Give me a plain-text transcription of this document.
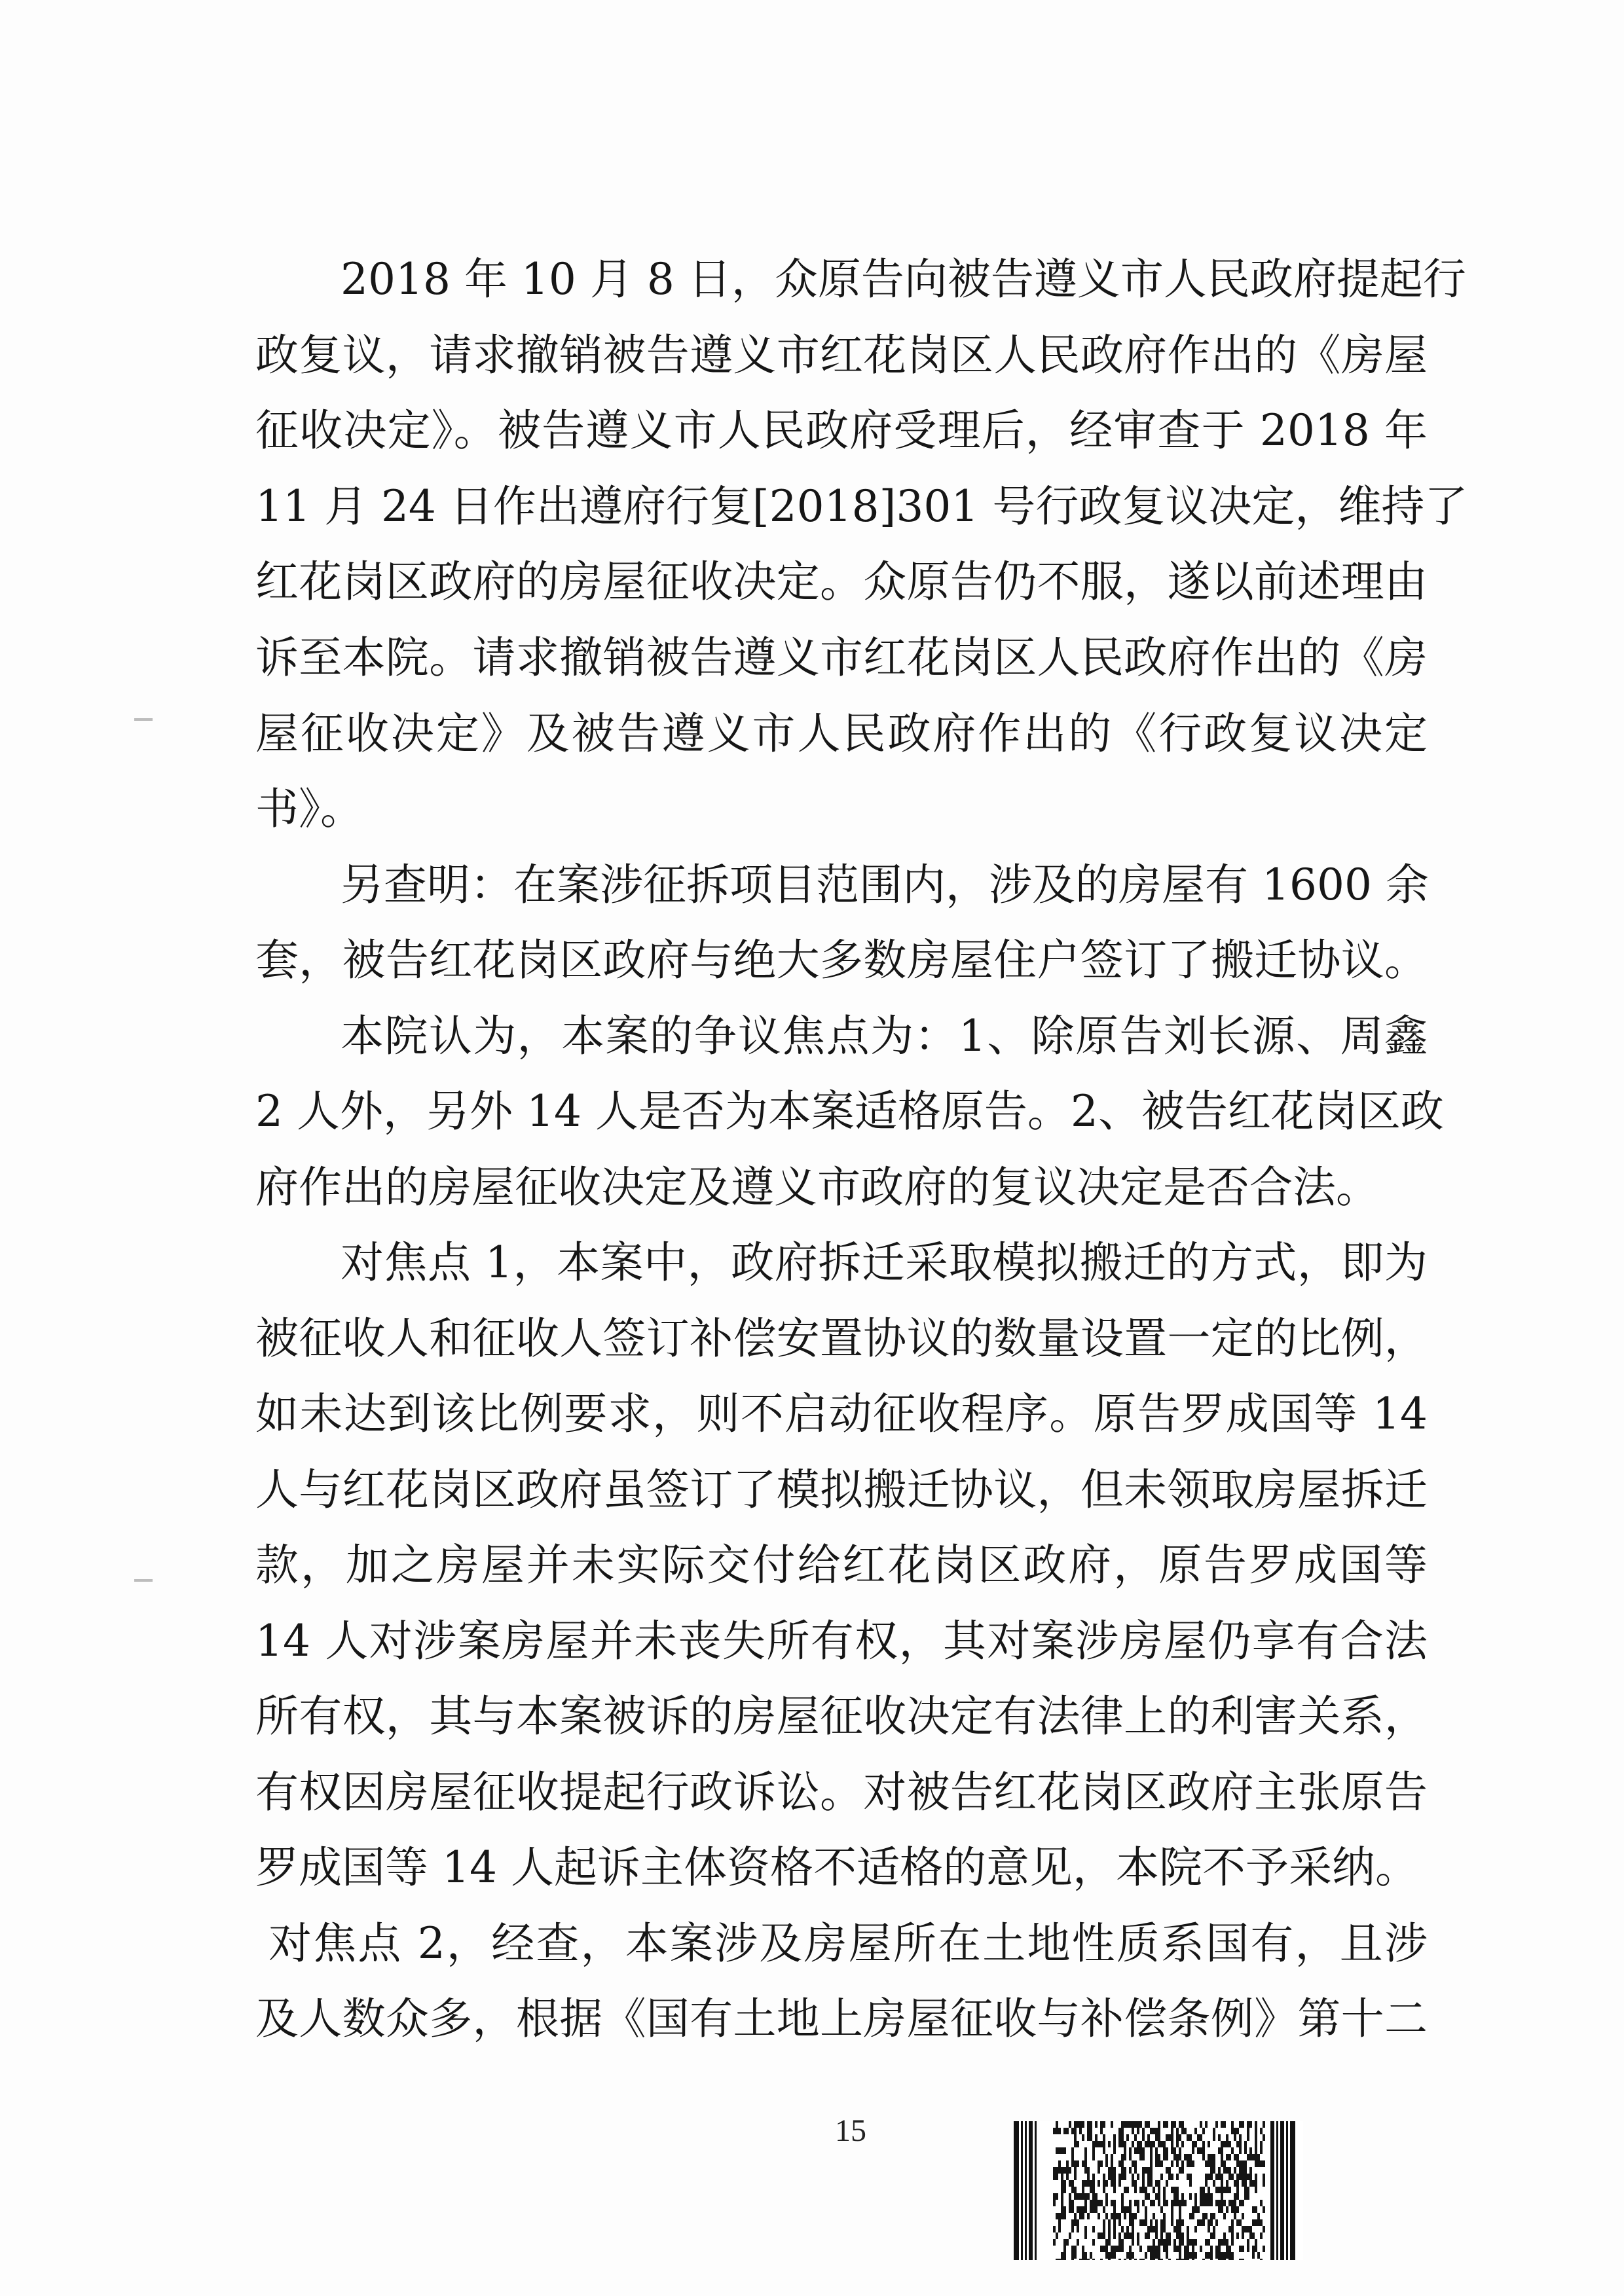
2018 年 10 月 8 日，众原告向被告遵义市人民政府提起行
政复议，请求撤销被告遵义市红花岗区人民政府作出的《房屋
征收决定》。被告遵义市人民政府受理后，经审查于 2018 年
11 月 24 日作出遵府行复[2018]301 号行政复议决定，维持了
红花岗区政府的房屋征收决定。众原告仍不服，遂以前述理由
诉至本院。请求撤销被告遵义市红花岗区人民政府作出的《房
屋征收决定》及被告遵义市人民政府作出的《行政复议决定
书》。
另查明：在案涉征拆项目范围内，涉及的房屋有 1600 余
套，被告红花岗区政府与绝大多数房屋住户签订了搬迁协议。
本院认为，本案的争议焦点为：1、除原告刘长源、周鑫
2 人外，另外 14 人是否为本案适格原告。2、被告红花岗区政
府作出的房屋征收决定及遵义市政府的复议决定是否合法。
对焦点 1，本案中，政府拆迁采取模拟搬迁的方式，即为
被征收人和征收人签订补偿安置协议的数量设置一定的比例，
如未达到该比例要求，则不启动征收程序。原告罗成国等 14
人与红花岗区政府虽签订了模拟搬迁协议，但未领取房屋拆迁
款，加之房屋并未实际交付给红花岗区政府，原告罗成国等
14 人对涉案房屋并未丧失所有权，其对案涉房屋仍享有合法
所有权，其与本案被诉的房屋征收决定有法律上的利害关系，
有权因房屋征收提起行政诉讼。对被告红花岗区政府主张原告
罗成国等 14 人起诉主体资格不适格的意见，本院不予采纳。
对焦点 2，经查，本案涉及房屋所在土地性质系国有，且涉
及人数众多，根据《国有土地上房屋征收与补偿条例》第十二
15
